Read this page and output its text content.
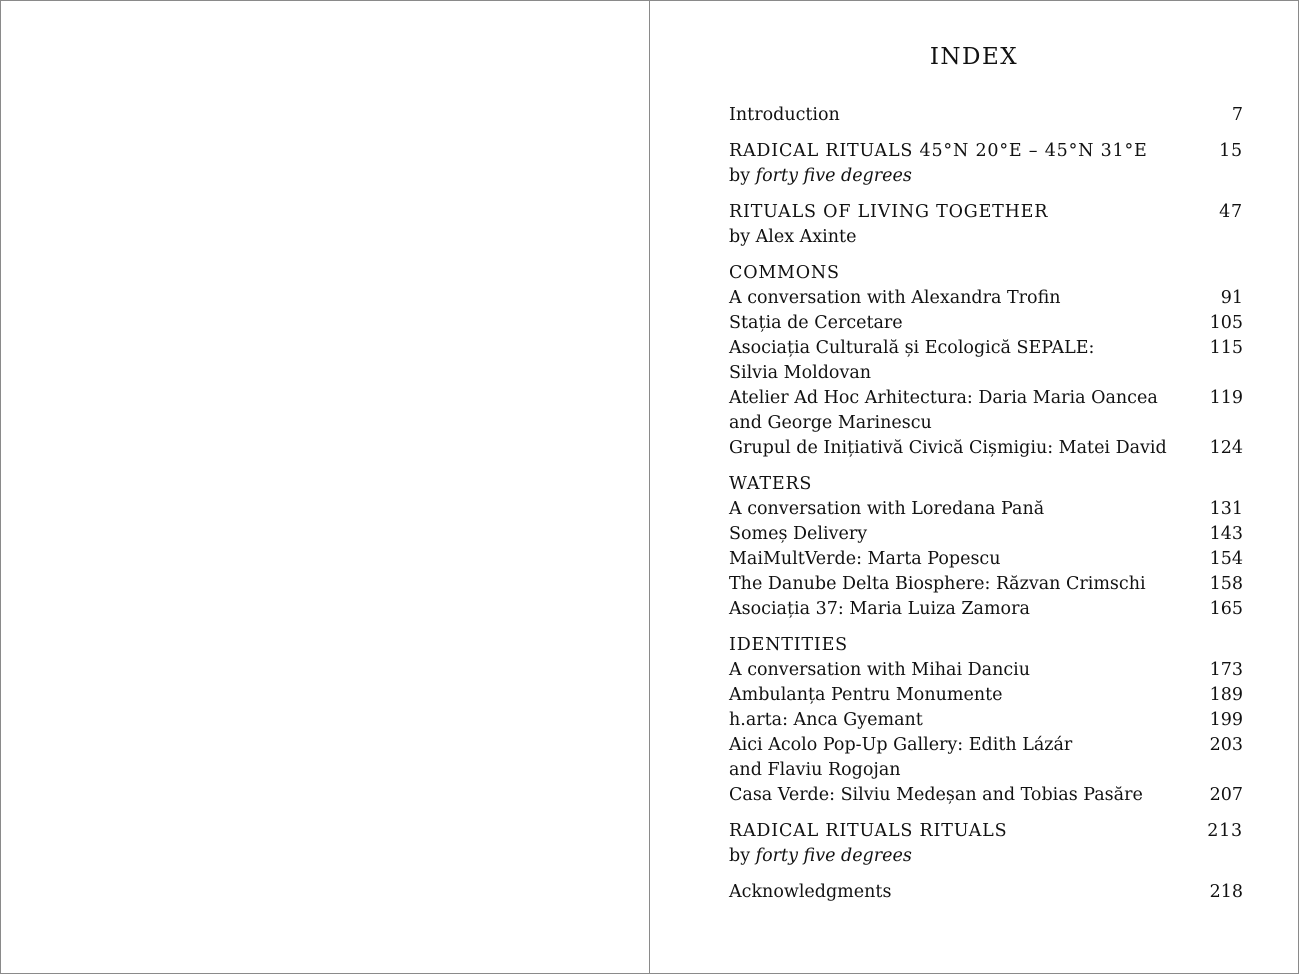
INDEX
Introduction	7
RADICAL RITUALS 45°N 20°E – 45°N 31°E	15
by forty five degrees
RITUALS OF LIVING TOGETHER	47
by Alex Axinte
COMMONS
A conversation with Alexandra Trofin	91
Stația de Cercetare	105
Asociația Culturală și Ecologică SEPALE:	115
Silvia Moldovan
Atelier Ad Hoc Arhitectura: Daria Maria Oancea	119
and George Marinescu
Grupul de Inițiativă Civică Cișmigiu: Matei David	124
WATERS
A conversation with Loredana Pană	131
Someș Delivery	143
MaiMultVerde: Marta Popescu	154
The Danube Delta Biosphere: Răzvan Crimschi	158
Asociația 37: Maria Luiza Zamora	165
IDENTITIES
A conversation with Mihai Danciu	173
Ambulanța Pentru Monumente	189
h.arta: Anca Gyemant	199
Aici Acolo Pop-Up Gallery: Edith Lázár	203
and Flaviu Rogojan
Casa Verde: Silviu Medeșan and Tobias Pasăre	207
RADICAL RITUALS RITUALS	213
by forty five degrees
Acknowledgments	218
